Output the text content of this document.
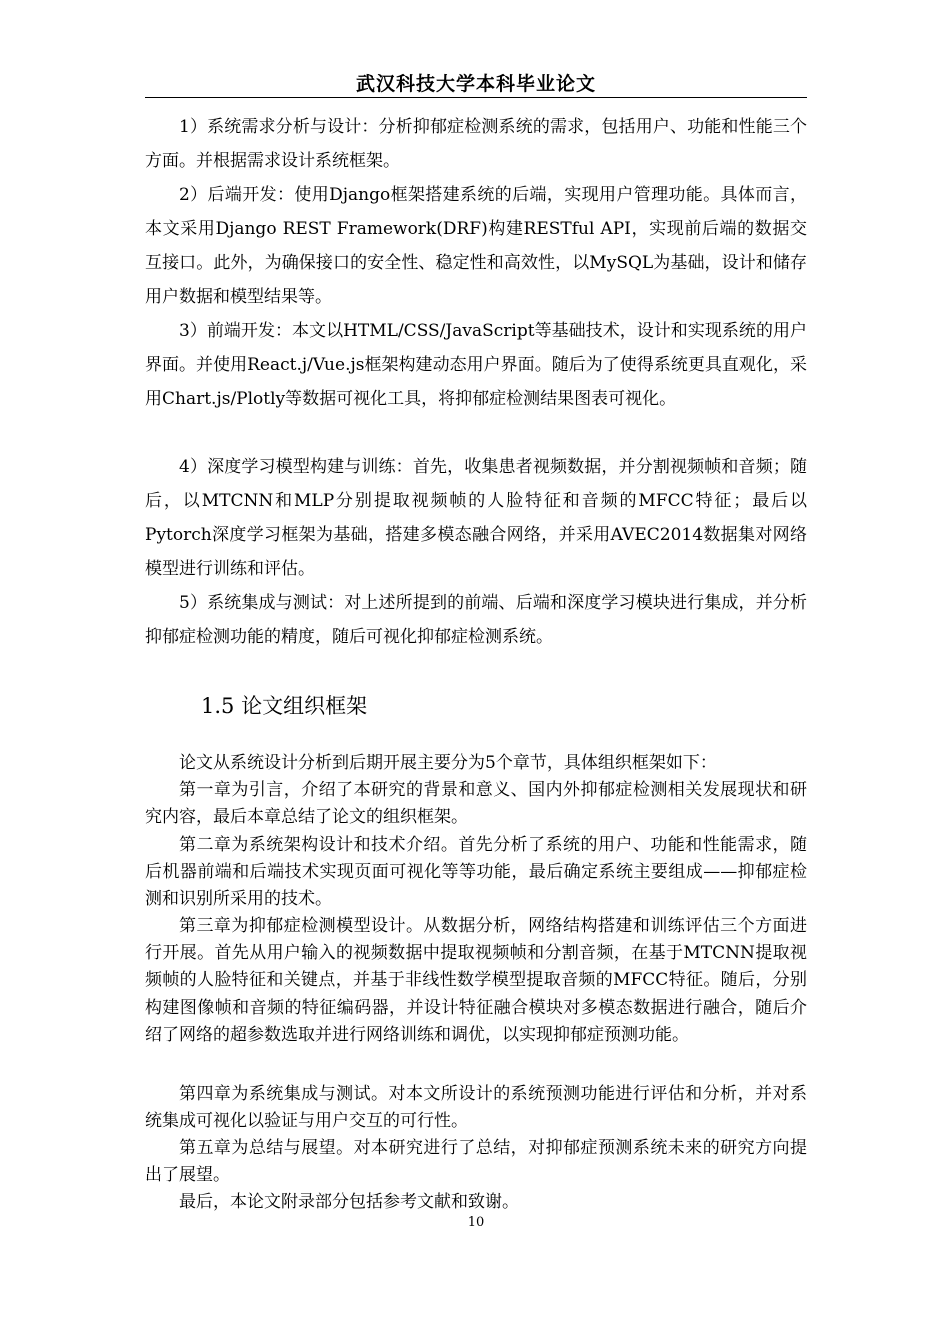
武汉科技大学本科毕业论文

1）系统需求分析与设计：分析抑郁症检测系统的需求，包括用户、功能和性能三个方面。并根据需求设计系统框架。

2）后端开发：使用Django框架搭建系统的后端，实现用户管理功能。具体而言，本文采用Django REST Framework(DRF)构建RESTful API，实现前后端的数据交互接口。此外，为确保接口的安全性、稳定性和高效性，以MySQL为基础，设计和储存用户数据和模型结果等。

3）前端开发：本文以HTML/CSS/JavaScript等基础技术，设计和实现系统的用户界面。并使用React.j/Vue.js框架构建动态用户界面。随后为了使得系统更具直观化，采用Chart.js/Plotly等数据可视化工具，将抑郁症检测结果图表可视化。

4）深度学习模型构建与训练：首先，收集患者视频数据，并分割视频帧和音频；随后，以MTCNN和MLP分别提取视频帧的人脸特征和音频的MFCC特征；最后以Pytorch深度学习框架为基础，搭建多模态融合网络，并采用AVEC2014数据集对网络模型进行训练和评估。

5）系统集成与测试：对上述所提到的前端、后端和深度学习模块进行集成，并分析抑郁症检测功能的精度，随后可视化抑郁症检测系统。

1.5 论文组织框架

论文从系统设计分析到后期开展主要分为5个章节，具体组织框架如下：

第一章为引言，介绍了本研究的背景和意义、国内外抑郁症检测相关发展现状和研究内容，最后本章总结了论文的组织框架。

第二章为系统架构设计和技术介绍。首先分析了系统的用户、功能和性能需求，随后机器前端和后端技术实现页面可视化等等功能，最后确定系统主要组成——抑郁症检测和识别所采用的技术。

第三章为抑郁症检测模型设计。从数据分析，网络结构搭建和训练评估三个方面进行开展。首先从用户输入的视频数据中提取视频帧和分割音频，在基于MTCNN提取视频帧的人脸特征和关键点，并基于非线性数学模型提取音频的MFCC特征。随后，分别构建图像帧和音频的特征编码器，并设计特征融合模块对多模态数据进行融合，随后介绍了网络的超参数选取并进行网络训练和调优，以实现抑郁症预测功能。

第四章为系统集成与测试。对本文所设计的系统预测功能进行评估和分析，并对系统集成可视化以验证与用户交互的可行性。

第五章为总结与展望。对本研究进行了总结，对抑郁症预测系统未来的研究方向提出了展望。

最后，本论文附录部分包括参考文献和致谢。

10
